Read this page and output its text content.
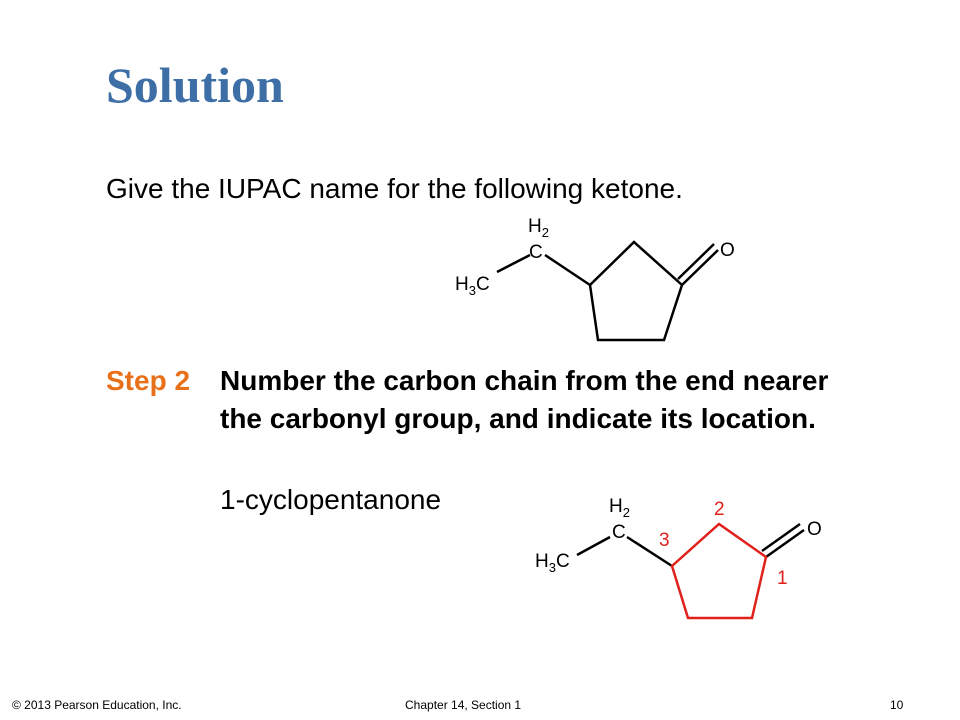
Solution
Give the IUPAC name for the following ketone.
$H_2$
C
$H_3C$
O
$H_2$
C
$H_3C$
O
2
3
1
Step 2 Number the carbon chain from the end nearer the carbonyl group, and indicate its location.
1-cyclopentanone
© 2013 Pearson Education, Inc.	Chapter 14, Section 1	10
